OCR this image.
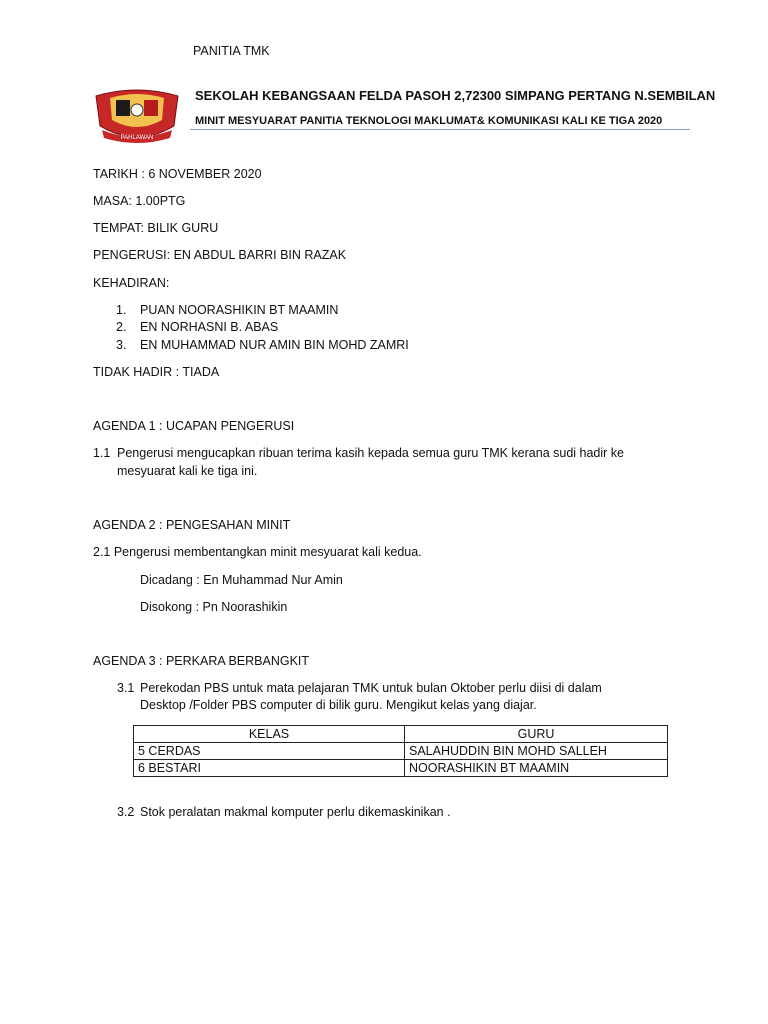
PANITIA TMK
PAHLAWAN
SEKOLAH KEBANGSAAN FELDA PASOH 2,72300 SIMPANG PERTANG N.SEMBILAN
MINIT MESYUARAT PANITIA TEKNOLOGI MAKLUMAT& KOMUNIKASI KALI KE TIGA 2020
TARIKH : 6 NOVEMBER 2020
MASA: 1.00PTG
TEMPAT: BILIK GURU
PENGERUSI: EN ABDUL BARRI BIN RAZAK
KEHADIRAN:
1. PUAN NOORASHIKIN BT MAAMIN
2. EN NORHASNI B. ABAS
3. EN MUHAMMAD NUR AMIN BIN MOHD ZAMRI
TIDAK HADIR : TIADA
AGENDA 1 : UCAPAN PENGERUSI
1.1 Pengerusi mengucapkan ribuan terima kasih kepada semua guru TMK kerana sudi hadir ke
mesyuarat kali ke tiga ini.
AGENDA 2 : PENGESAHAN MINIT
2.1 Pengerusi membentangkan minit mesyuarat kali kedua.
Dicadang : En Muhammad Nur Amin
Disokong : Pn Noorashikin
AGENDA 3 : PERKARA BERBANGKIT
3.1 Perekodan PBS untuk mata pelajaran TMK untuk bulan Oktober perlu diisi di dalam
Desktop /Folder PBS computer di bilik guru. Mengikut kelas yang diajar.
KELAS	GURU
5 CERDAS	SALAHUDDIN BIN MOHD SALLEH
6 BESTARI	NOORASHIKIN BT MAAMIN
3.2 Stok peralatan makmal komputer perlu dikemaskinikan .
